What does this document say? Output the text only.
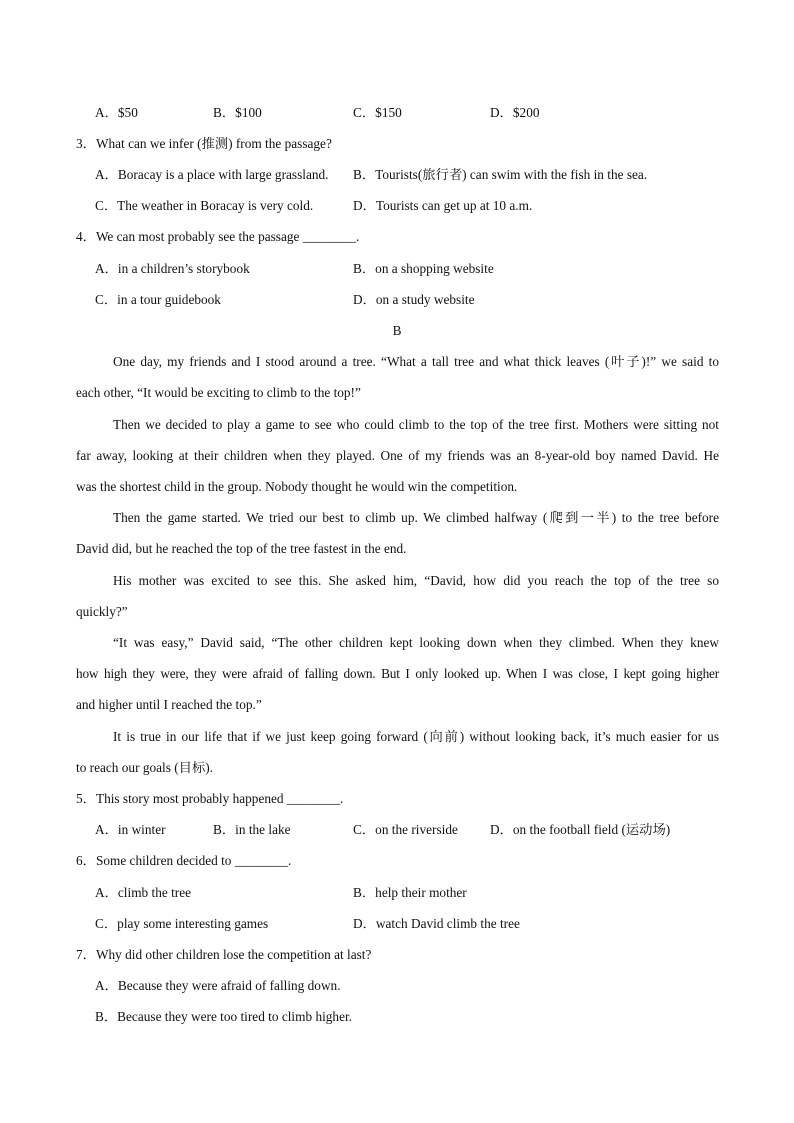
A．$50	B．$100	C．$150	D．$200
3．What can we infer (推测) from the passage?
A．Boracay is a place with large grassland. B．Tourists(旅行者) can swim with the fish in the sea.
C．The weather in Boracay is very cold.	D．Tourists can get up at 10 a.m.
4．We can most probably see the passage ________.
A．in a children’s storybook	B．on a shopping website
C．in a tour guidebook	D．on a study website
B
One day, my friends and I stood around a tree. “What a tall tree and what thick leaves (叶子)!” we said to
each other, “It would be exciting to climb to the top!”
Then we decided to play a game to see who could climb to the top of the tree first. Mothers were sitting not
far away, looking at their children when they played. One of my friends was an 8-year-old boy named David. He
was the shortest child in the group. Nobody thought he would win the competition.
Then the game started. We tried our best to climb up. We climbed halfway (爬到一半) to the tree before
David did, but he reached the top of the tree fastest in the end.
His mother was excited to see this. She asked him, “David, how did you reach the top of the tree so
quickly?”
“It was easy,” David said, “The other children kept looking down when they climbed. When they knew
how high they were, they were afraid of falling down. But I only looked up. When I was close, I kept going higher
and higher until I reached the top.”
It is true in our life that if we just keep going forward (向前) without looking back, it’s much easier for us
to reach our goals (目标).
5．This story most probably happened ________.
A．in winter	B．in the lake	C．on the riverside D．on the football field (运动场)
6．Some children decided to ________.
A．climb the tree	B．help their mother
C．play some interesting games	D．watch David climb the tree
7．Why did other children lose the competition at last?
A．Because they were afraid of falling down.
B．Because they were too tired to climb higher.
